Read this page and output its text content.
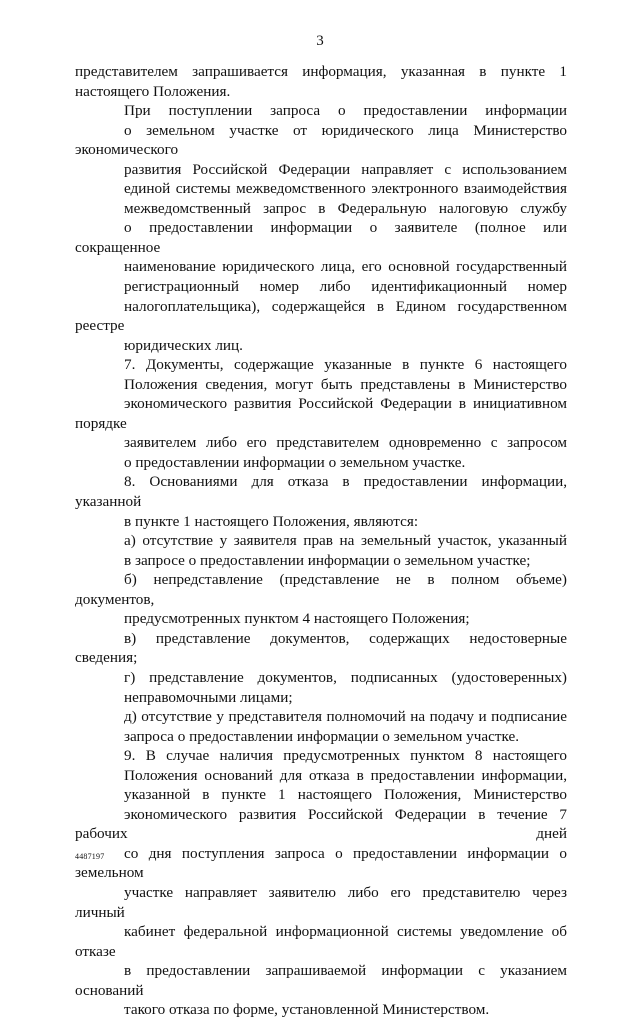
3
представителем запрашивается информация, указанная в пункте 1
настоящего Положения.
При поступлении запроса о предоставлении информации
о земельном участке от юридического лица Министерство экономического
развития Российской Федерации направляет с использованием
единой системы межведомственного электронного взаимодействия
межведомственный запрос в Федеральную налоговую службу
о предоставлении информации о заявителе (полное или сокращенное
наименование юридического лица, его основной государственный
регистрационный номер либо идентификационный номер
налогоплательщика), содержащейся в Едином государственном реестре
юридических лиц.
7. Документы, содержащие указанные в пункте 6 настоящего
Положения сведения, могут быть представлены в Министерство
экономического развития Российской Федерации в инициативном порядке
заявителем либо его представителем одновременно с запросом
о предоставлении информации о земельном участке.
8. Основаниями для отказа в предоставлении информации, указанной
в пункте 1 настоящего Положения, являются:
а) отсутствие у заявителя прав на земельный участок, указанный
в запросе о предоставлении информации о земельном участке;
б) непредставление (представление не в полном объеме) документов,
предусмотренных пунктом 4 настоящего Положения;
в) представление документов, содержащих недостоверные сведения;
г) представление документов, подписанных (удостоверенных)
неправомочными лицами;
д) отсутствие у представителя полномочий на подачу и подписание
запроса о предоставлении информации о земельном участке.
9. В случае наличия предусмотренных пунктом 8 настоящего
Положения оснований для отказа в предоставлении информации,
указанной в пункте 1 настоящего Положения, Министерство
экономического развития Российской Федерации в течение 7 рабочих дней
со дня поступления запроса о предоставлении информации о земельном
участке направляет заявителю либо его представителю через личный
кабинет федеральной информационной системы уведомление об отказе
в предоставлении запрашиваемой информации с указанием оснований
такого отказа по форме, установленной Министерством.
4487197
